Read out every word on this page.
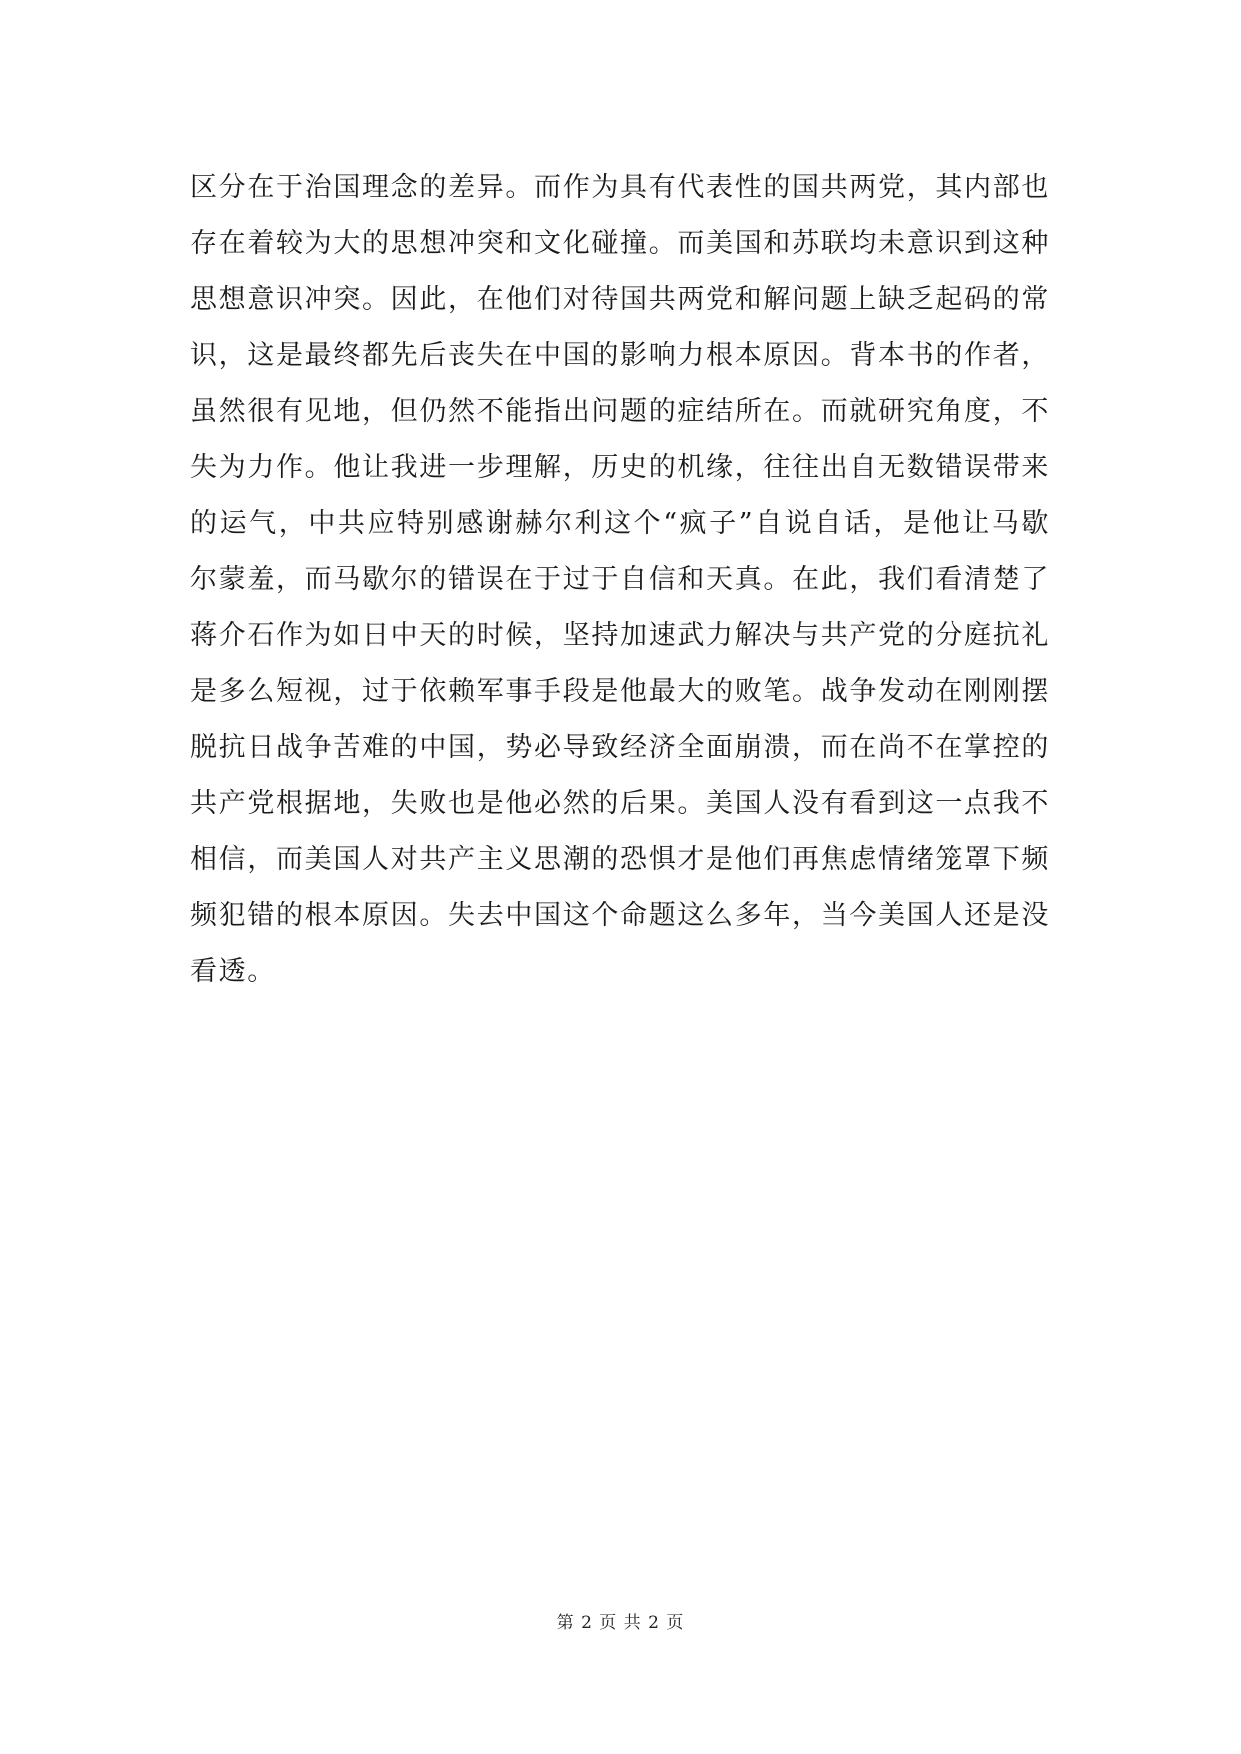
区分在于治国理念的差异。而作为具有代表性的国共两党，其内部也
存在着较为大的思想冲突和文化碰撞。而美国和苏联均未意识到这种
思想意识冲突。因此，在他们对待国共两党和解问题上缺乏起码的常
识，这是最终都先后丧失在中国的影响力根本原因。背本书的作者，
虽然很有见地，但仍然不能指出问题的症结所在。而就研究角度，不
失为力作。他让我进一步理解，历史的机缘，往往出自无数错误带来
的运气，中共应特别感谢赫尔利这个“疯子”自说自话，是他让马歇
尔蒙羞，而马歇尔的错误在于过于自信和天真。在此，我们看清楚了
蒋介石作为如日中天的时候，坚持加速武力解决与共产党的分庭抗礼
是多么短视，过于依赖军事手段是他最大的败笔。战争发动在刚刚摆
脱抗日战争苦难的中国，势必导致经济全面崩溃，而在尚不在掌控的
共产党根据地，失败也是他必然的后果。美国人没有看到这一点我不
相信，而美国人对共产主义思潮的恐惧才是他们再焦虑情绪笼罩下频
频犯错的根本原因。失去中国这个命题这么多年，当今美国人还是没
看透。
第 2 页 共 2 页
